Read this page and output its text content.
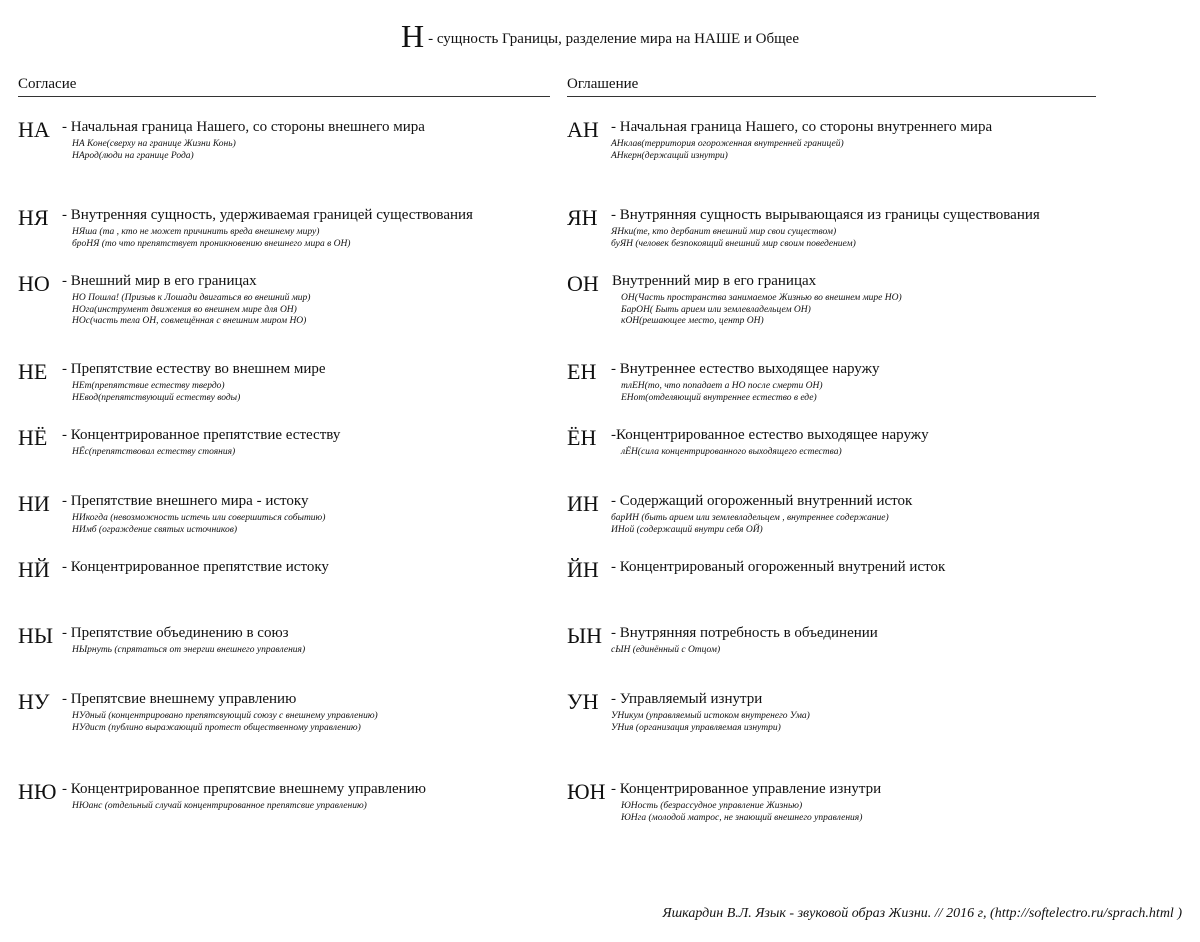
Н - сущность Границы, разделение мира на НАШЕ и Общее
Согласие	Оглашение
НА - Начальная граница Нашего, со стороны внешнего мира
НА Коне(сверху на границе Жизни Конь)
НАрод(люди на границе Рода)
НЯ - Внутренняя сущность, удерживаемая границей существования
НЯша (та , кто не может причинить вреда внешнему миру)
броНЯ (то что препятствует проникновению внешнего мира в ОН)
НО - Внешний мир в его границах
НО Пошла! (Призыв к Лошади двигаться во внешний мир)
НОга(инструмент движения во внешнем мире для ОН)
НОс(часть тела ОН, совмещённая с внешним миром НО)
НЕ - Препятствие естеству во внешнем мире
НЕт(препятствие естеству твердо)
НЕвод(препятствующий естеству воды)
НЁ - Концентрированное препятствие естеству
НЁс(препятствовал естеству стояния)
НИ - Препятствие внешнего мира - истоку
НИкогда (невозможность истечь или совершиться событию)
НИмб (ограждение святых источников)
НЙ - Концентрированное препятствие истоку
НЫ - Препятствие объединению в союз
НЫрнуть (спрятаться от энергии внешнего управления)
НУ - Препятсвие внешнему управлению
НУдный (концентрировано препятсвующий союзу с внешнему управлению)
НУдист (публино выражающий протест общественному управлению)
НЮ - Концентрированное препятсвие внешнему управлению
НЮанс (отдельный случай концентрированное препятсвие управлению)
АН - Начальная граница Нашего, со стороны внутреннего мира
АНклав(территория огороженная внутренней границей)
АНкерн(держащий изнутри)
ЯН - Внутрянняя сущность вырывающаяся из границы существования
ЯНки(те, кто дербанит внешний мир свои существом)
буЯН (человек безпокоящий внешний мир своим поведением)
ОН Внутренний мир в его границах
ОН(Часть пространства занимаемое Жизнью во внешнем мире НО)
БарОН( Быть арием или землевладельцем ОН)
кОН(решающее место, центр ОН)
ЕН - Внутреннее естество выходящее наружу
тлЕН(то, что попадает а НО после смерти ОН)
ЕНот(отделяющий внутреннее естество в еде)
ЁН -Концентрированное естество выходящее наружу
лЁН(сила концентрированного выходящего естества)
ИН - Содержащий огороженный внутренний исток
барИН (быть арием или землевладельцем , внутреннее содержание)
ИНой (содержащий внутри себя ОЙ)
ЙН - Концентрированый огороженный внутрений исток
ЫН - Внутрянняя потребность в объединении
сЫН (единённый с Отцом)
УН - Управляемый изнутри
УНикум (управляемый истоком внутренего Ума)
УНия (организация управляемая изнутри)
ЮН - Концентрированное управление изнутри
ЮНость (безрассудное управление Жизнью)
ЮНга (молодой матрос, не знающий внешнего управления)
Яшкардин В.Л. Язык - звуковой образ Жизни. // 2016 г, (http://softelectro.ru/sprach.html )
